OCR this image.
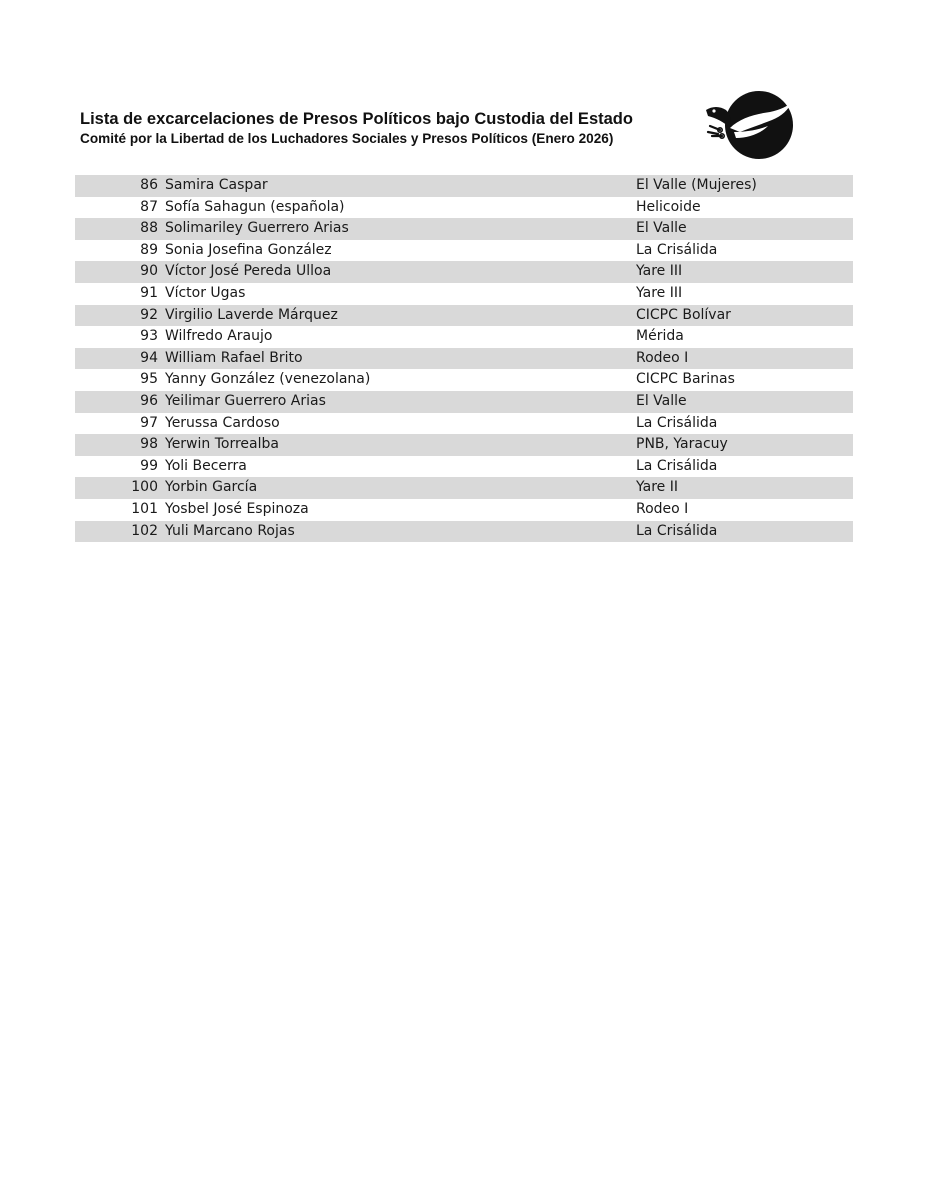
Lista de excarcelaciones de Presos Políticos bajo Custodia del Estado
Comité por la Libertad de los Luchadores Sociales y Presos Políticos (Enero 2026)
86 Samira Caspar	El Valle (Mujeres)
87 Sofía Sahagun (española)	Helicoide
88 Solimariley Guerrero Arias	El Valle
89 Sonia Josefina González	La Crisálida
90 Víctor José Pereda Ulloa	Yare III
91 Víctor Ugas	Yare III
92 Virgilio Laverde Márquez	CICPC Bolívar
93 Wilfredo Araujo	Mérida
94 William Rafael Brito	Rodeo I
95 Yanny González (venezolana)	CICPC Barinas
96 Yeilimar Guerrero Arias	El Valle
97 Yerussa Cardoso	La Crisálida
98 Yerwin Torrealba	PNB, Yaracuy
99 Yoli Becerra	La Crisálida
100 Yorbin García	Yare II
101 Yosbel José Espinoza	Rodeo I
102 Yuli Marcano Rojas	La Crisálida
